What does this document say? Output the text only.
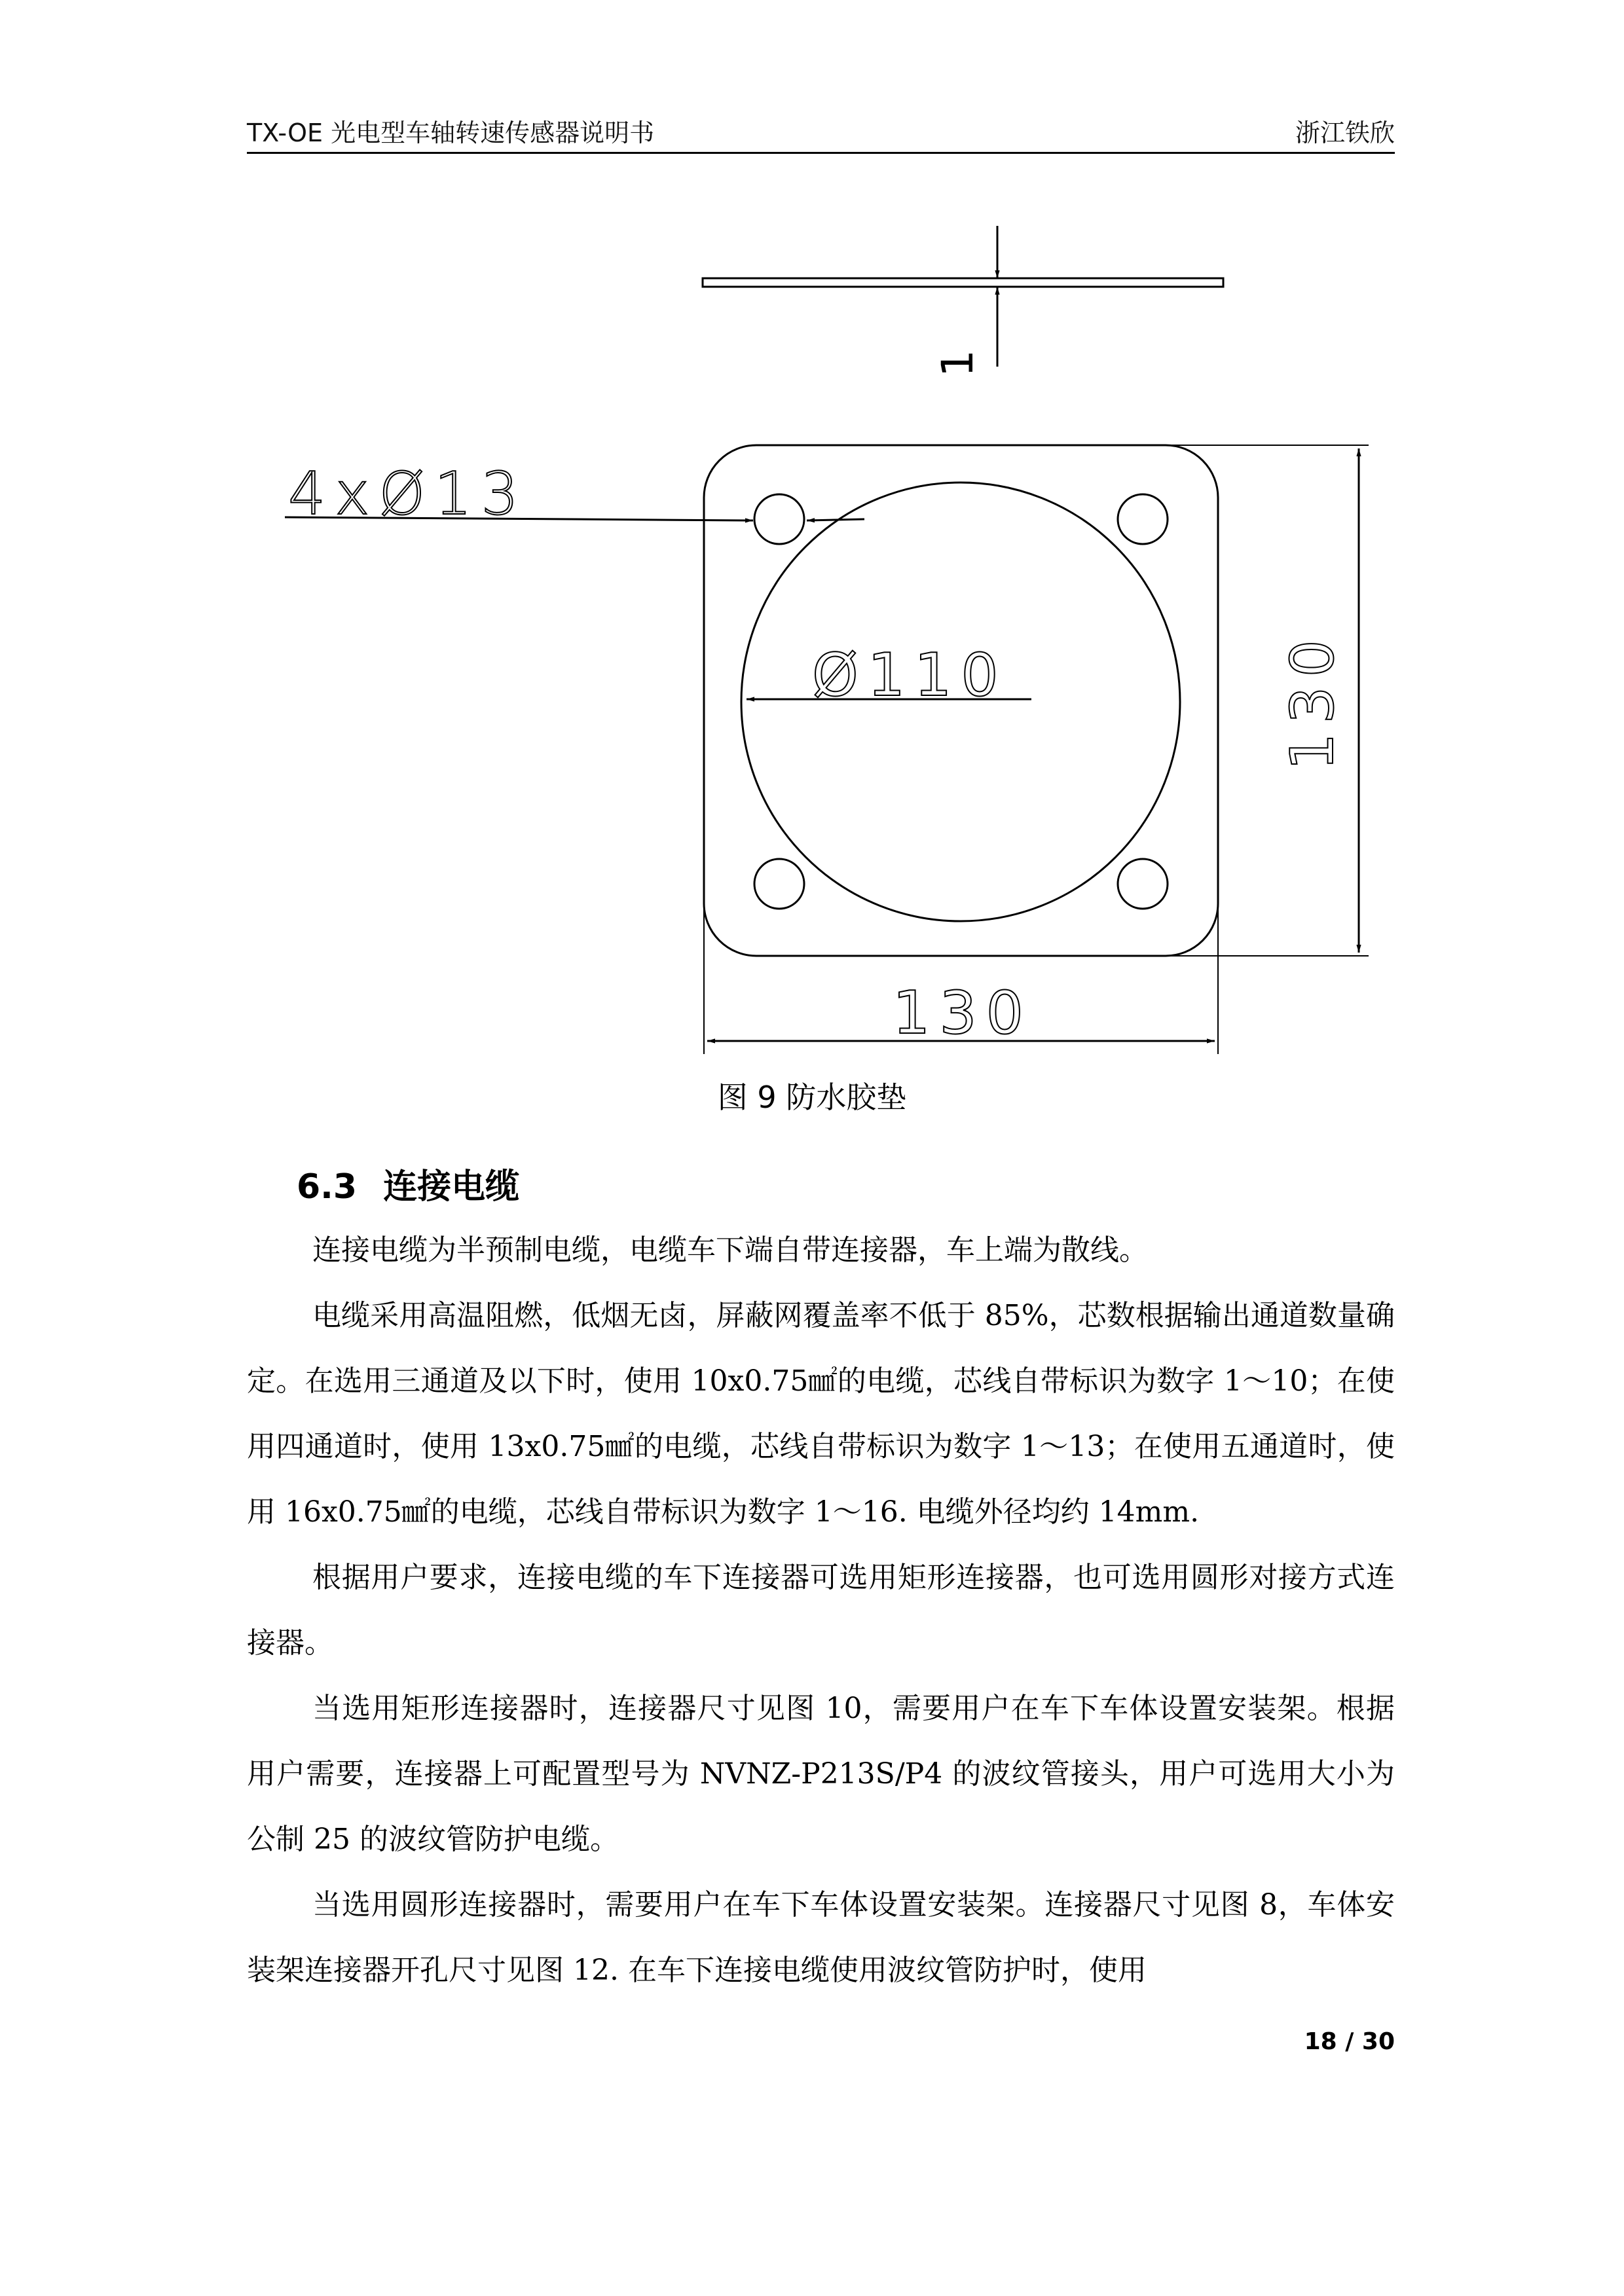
TX-OE 光电型车轴转速传感器说明书	浙江铁欣
1
4xØ13
Ø110	130
130
图 9 防水胶垫
6.3 连接电缆

连接电缆为半预制电缆，电缆车下端自带连接器，车上端为散线。

电缆采用高温阻燃，低烟无卤，屏蔽网覆盖率不低于 85%，芯数根据输出通道数量确定。在选用三通道及以下时，使用 10x0.75㎟的电缆，芯线自带标识为数字 1～10；在使用四通道时，使用 13x0.75㎟的电缆，芯线自带标识为数字 1～13；在使用五通道时，使用 16x0.75㎟的电缆，芯线自带标识为数字 1～16. 电缆外径均约 14mm.

根据用户要求，连接电缆的车下连接器可选用矩形连接器，也可选用圆形对接方式连接器。

当选用矩形连接器时，连接器尺寸见图 10，需要用户在车下车体设置安装架。根据用户需要，连接器上可配置型号为 NVNZ-P213S/P4 的波纹管接头，用户可选用大小为公制 25 的波纹管防护电缆。

当选用圆形连接器时，需要用户在车下车体设置安装架。连接器尺寸见图 8，车体安装架连接器开孔尺寸见图 12. 在车下连接电缆使用波纹管防护时，使用

18 / 30
